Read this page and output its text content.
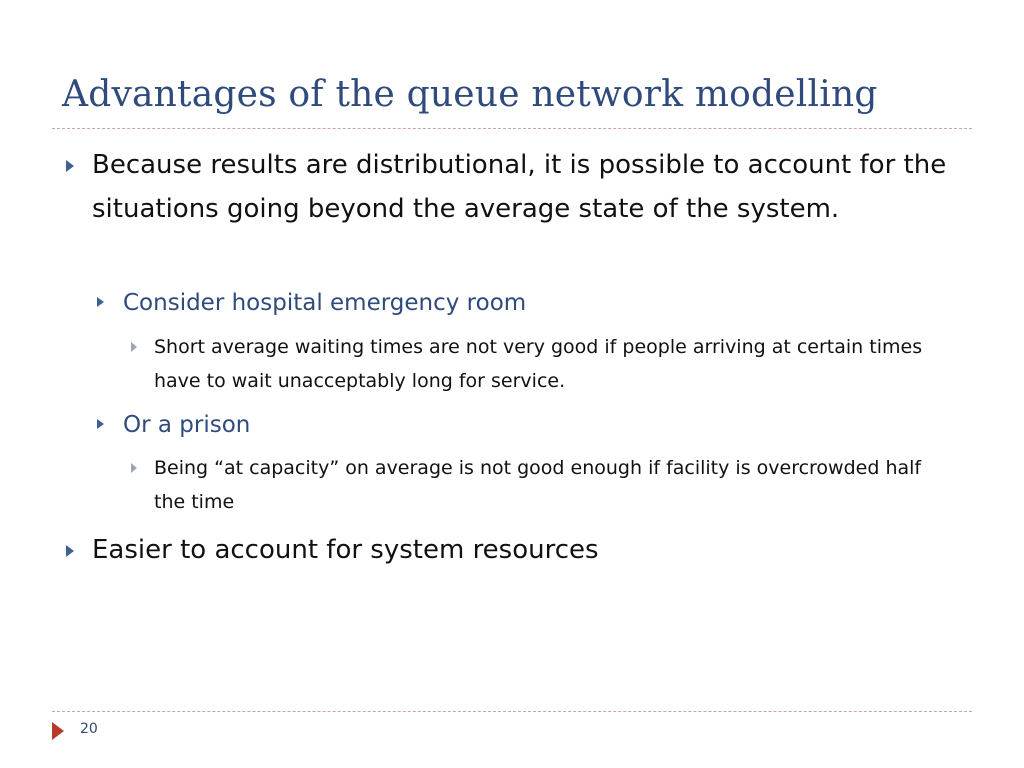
Advantages of the queue network modelling
Because results are distributional, it is possible to account for the situations going beyond the average state of the system.
Consider hospital emergency room
Short average waiting times are not very good if people arriving at certain times have to wait unacceptably long for service.
Or a prison
Being “at capacity” on average is not good enough if facility is overcrowded half the time
Easier to account for system resources
20
